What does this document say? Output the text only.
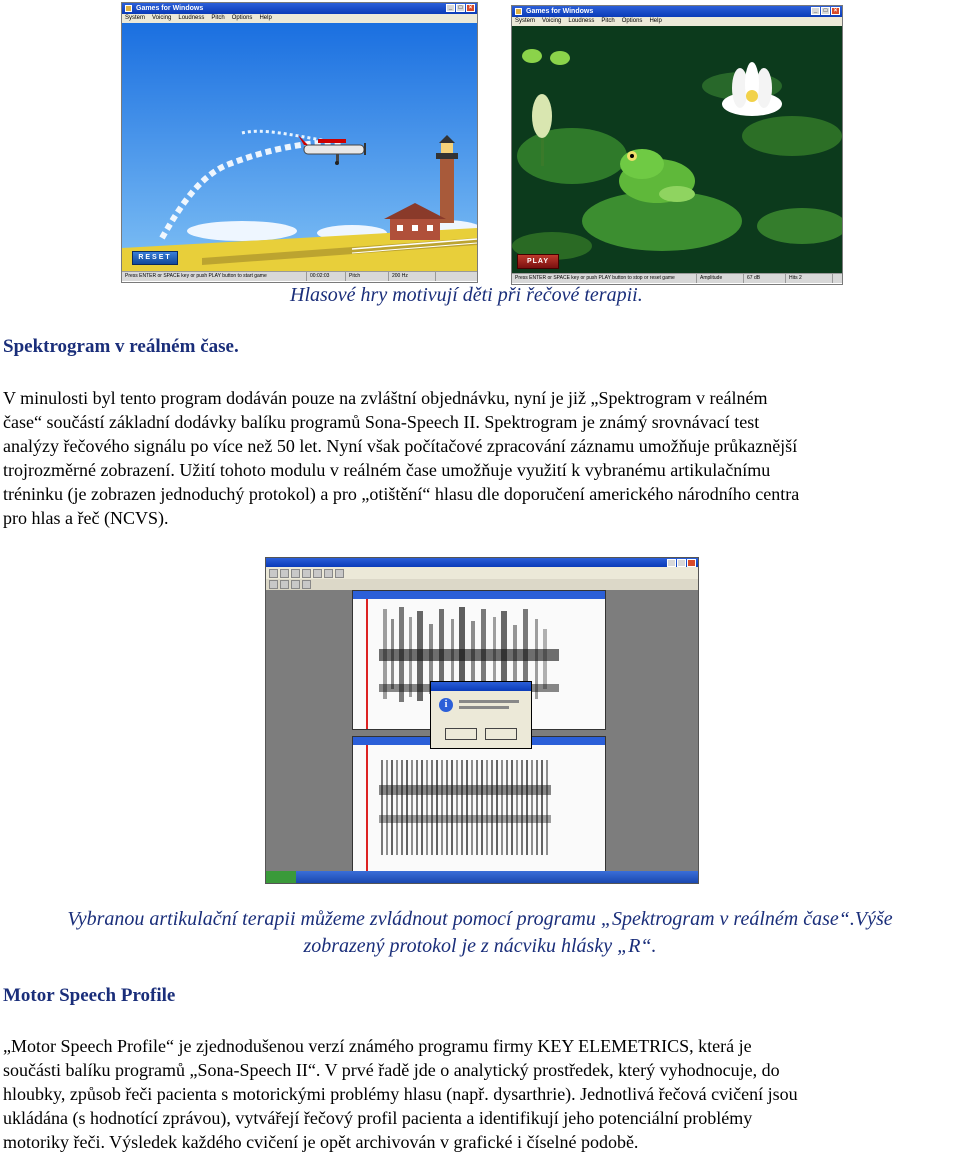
Games for Windows	_	□	×
System Voicing Loudness Pitch Options Help
RESET
Press ENTER or SPACE key or push PLAY button to start game	00:02:03	Pitch	200 Hz
Games for Windows	_	□	×
System Voicing Loudness Pitch Options Help
PLAY
Press ENTER or SPACE key or push PLAY button to stop or reset game	Amplitude	67 dB	Hits 2
Hlasové hry motivují děti při řečové terapii.
Spektrogram v reálném čase.
V minulosti byl tento program dodáván pouze na zvláštní objednávku, nyní je již „Spektrogram v reálném
čase“ součástí základní dodávky balíku programů Sona-Speech II. Spektrogram je známý srovnávací test
analýzy řečového signálu po více než 50 let. Nyní však počítačové zpracování záznamu umožňuje průkaznější
trojrozměrné zobrazení. Užití tohoto modulu v reálném čase umožňuje využití k vybranému artikulačnímu
tréninku (je zobrazen jednoduchý protokol) a pro „otištění“ hlasu dle doporučení amerického národního centra
pro hlas a řeč (NCVS).
i
Vybranou artikulační terapii můžeme zvládnout pomocí programu „Spektrogram v reálném čase“.Výše
zobrazený protokol je z nácviku hlásky „R“.
Motor Speech Profile
„Motor Speech Profile“ je zjednodušenou verzí známého programu firmy KEY ELEMETRICS, která je
součásti balíku programů „Sona-Speech II“. V prvé řadě jde o analytický prostředek, který vyhodnocuje, do
hloubky, způsob řeči pacienta s motorickými problémy hlasu (např. dysarthrie). Jednotlivá řečová cvičení jsou
ukládána (s hodnotící zprávou), vytvářejí řečový profil pacienta a identifikují jeho potenciální problémy
motoriky řeči. Výsledek každého cvičení je opět archivován v grafické i číselné podobě.
